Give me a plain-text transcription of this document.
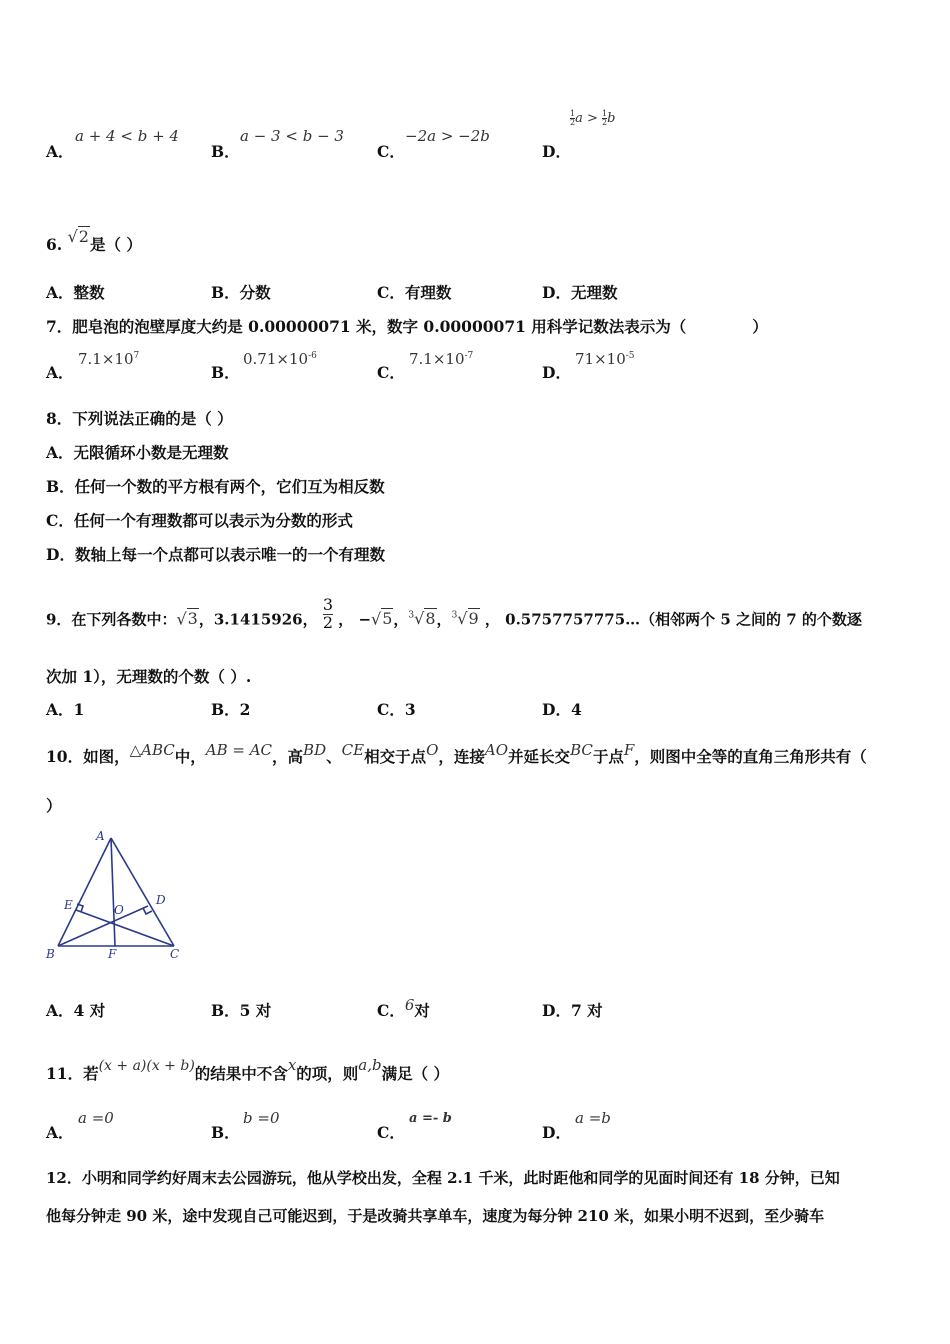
A．
a + 4 < b + 4
B．
a − 3 < b − 3
C．
−2a > −2b
D．
$\frac{1}{2}$ $a > \frac{1}{2}$ b
6. √2是（ ）
A．整数	B．分数	C．有理数	D．无理数
7．肥皂泡的泡壁厚度大约是 0.00000071 米，数字 0.00000071 用科学记数法表示为（	）
A．
$7.1\times 10^7$
B．
$0.71\times 10^{-6}$
C．
$7.1\times 10^{-7}$
D．
$71\times 10^{-5}$
8．下列说法正确的是（ ）
A．无限循环小数是无理数
B．任何一个数的平方根有两个，它们互为相反数
C．任何一个有理数都可以表示为分数的形式
D．数轴上每一个点都可以表示唯一的一个有理数
9．在下列各数中：√3，3.1415926， $\frac{3}{2}$ ， −√5，$^3$√8，$^3$√9 ， 0.5757757775…（相邻两个 5 之间的 7 的个数逐
次加 1），无理数的个数（ ）.
A．1	B．2	C．3	D．4
10．如图，△ABC中，AB = AC，高BD、CE相交于点O，连接AO并延长交BC于点F，则图中全等的直角三角形共有（
）
A
B	C
D
E
F
O
A．4 对	B．5 对	C．6对	D．7 对
11．若(x + a)(x + b)的结果中不含x的项，则a,b满足（ ）
A．
a =0
B．
b =0
C．
a =- b
D．
a =b
12．小明和同学约好周末去公园游玩，他从学校出发，全程 2.1 千米，此时距他和同学的见面时间还有 18 分钟，已知
他每分钟走 90 米，途中发现自己可能迟到，于是改骑共享单车，速度为每分钟 210 米，如果小明不迟到，至少骑车
